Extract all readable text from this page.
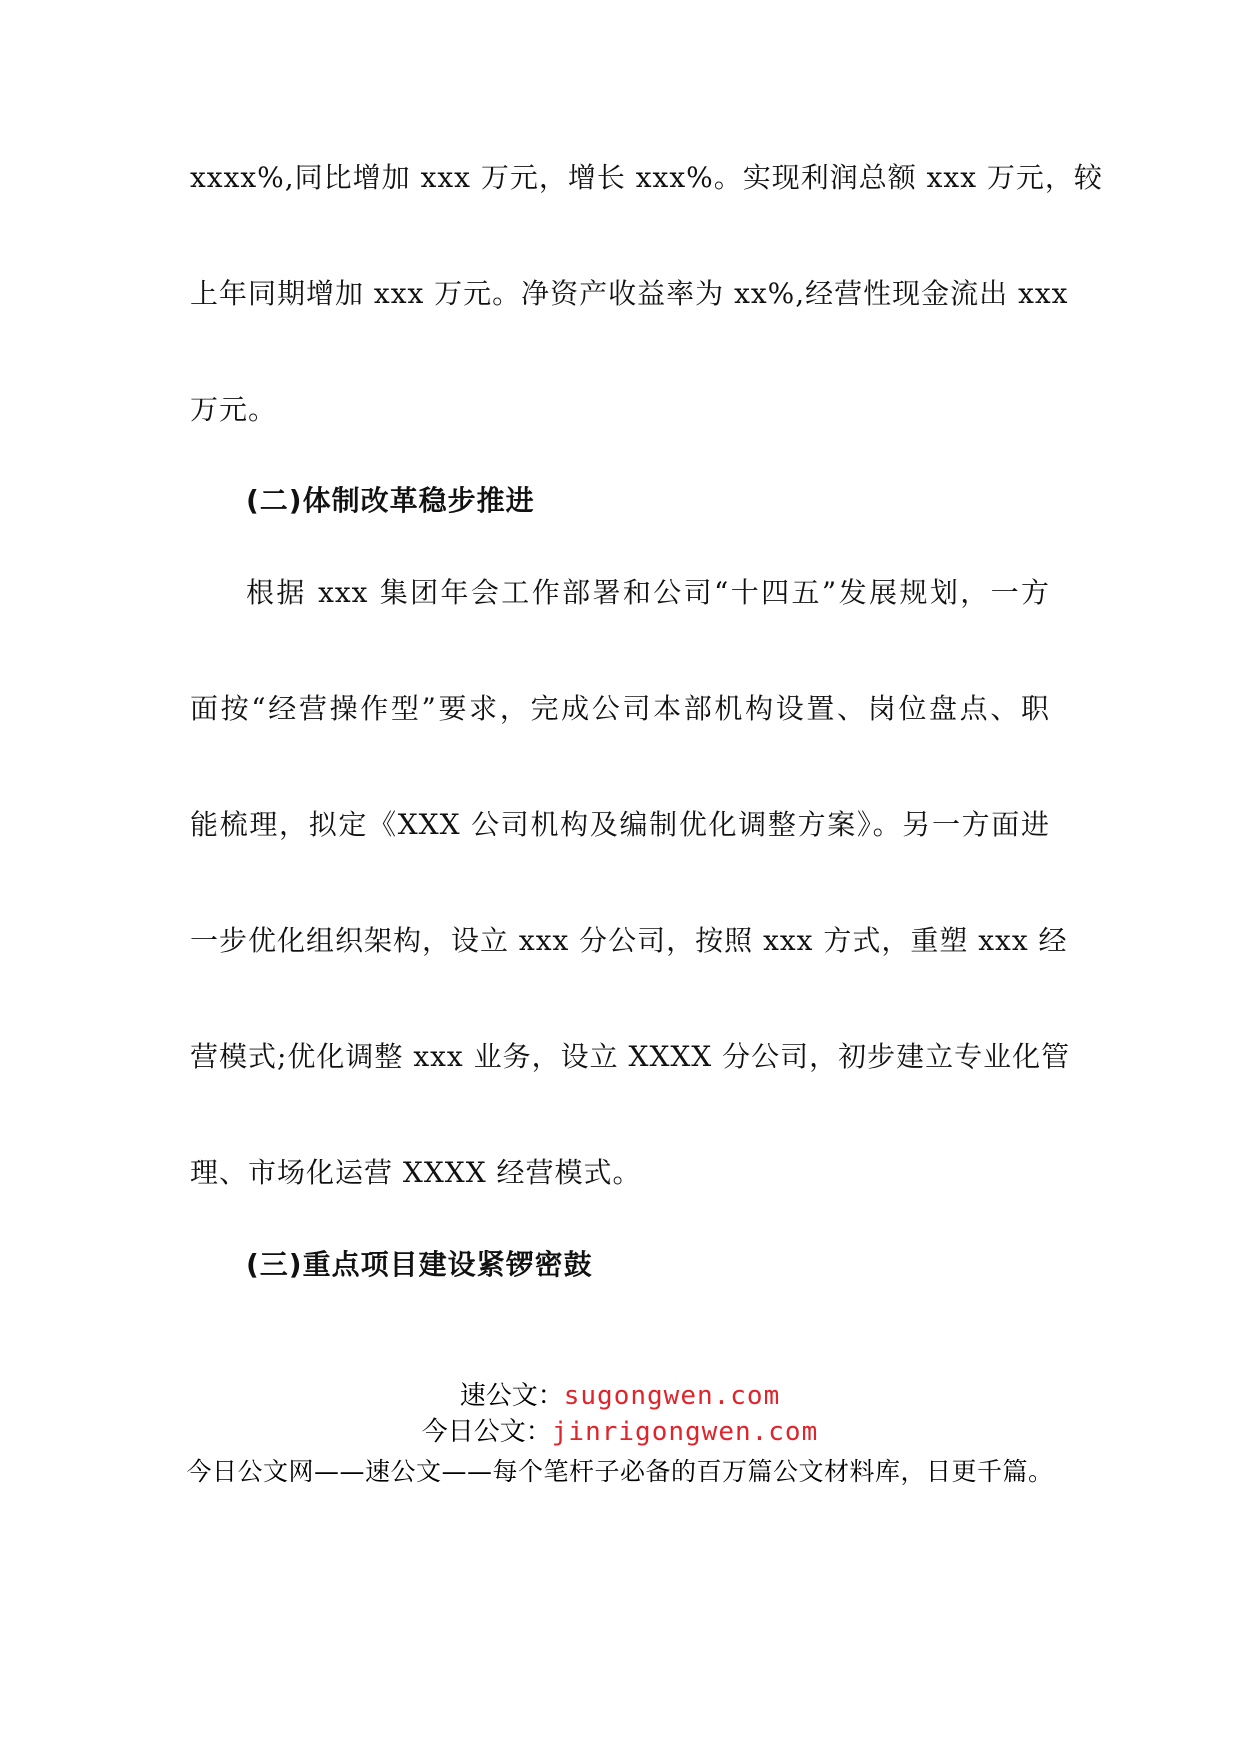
xxxx%,同比增加 xxx 万元，增长 xxx%。实现利润总额 xxx 万元，较
上年同期增加 xxx 万元。净资产收益率为 xx%,经营性现金流出 xxx
万元。
(二)体制改革稳步推进
根据 xxx 集团年会工作部署和公司“十四五”发展规划，一方
面按“经营操作型”要求，完成公司本部机构设置、岗位盘点、职
能梳理，拟定《XXX 公司机构及编制优化调整方案》。另一方面进
一步优化组织架构，设立 xxx 分公司，按照 xxx 方式，重塑 xxx 经
营模式;优化调整 xxx 业务，设立 XXXX 分公司，初步建立专业化管
理、市场化运营 XXXX 经营模式。
(三)重点项目建设紧锣密鼓
速公文：sugongwen.com
今日公文：jinrigongwen.com
今日公文网——速公文——每个笔杆子必备的百万篇公文材料库，日更千篇。
